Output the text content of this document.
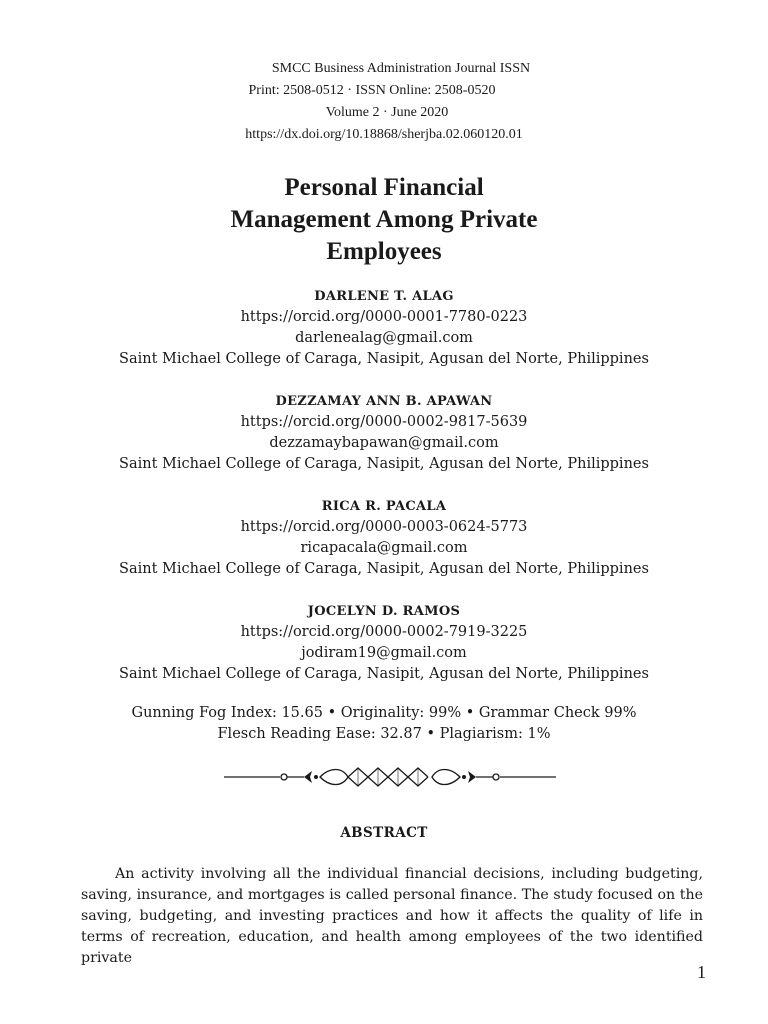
SMCC Business Administration Journal ISSN
Print: 2508-0512 · ISSN Online: 2508-0520
Volume 2 · June 2020
https://dx.doi.org/10.18868/sherjba.02.060120.01
Personal Financial
Management Among Private
Employees
DARLENE T. ALAG
https://orcid.org/0000-0001-7780-0223
darlenealag@gmail.com
Saint Michael College of Caraga, Nasipit, Agusan del Norte, Philippines
DEZZAMAY ANN B. APAWAN
https://orcid.org/0000-0002-9817-5639
dezzamaybapawan@gmail.com
Saint Michael College of Caraga, Nasipit, Agusan del Norte, Philippines
RICA R. PACALA
https://orcid.org/0000-0003-0624-5773
ricapacala@gmail.com
Saint Michael College of Caraga, Nasipit, Agusan del Norte, Philippines
JOCELYN D. RAMOS
https://orcid.org/0000-0002-7919-3225
jodiram19@gmail.com
Saint Michael College of Caraga, Nasipit, Agusan del Norte, Philippines
Gunning Fog Index: 15.65 • Originality: 99% • Grammar Check 99%
Flesch Reading Ease: 32.87 • Plagiarism: 1%
ABSTRACT

An activity involving all the individual financial decisions, including budgeting, saving, insurance, and mortgages is called personal finance. The study focused on the saving, budgeting, and investing practices and how it affects the quality of life in terms of recreation, education, and health among employees of the two identified private

1
